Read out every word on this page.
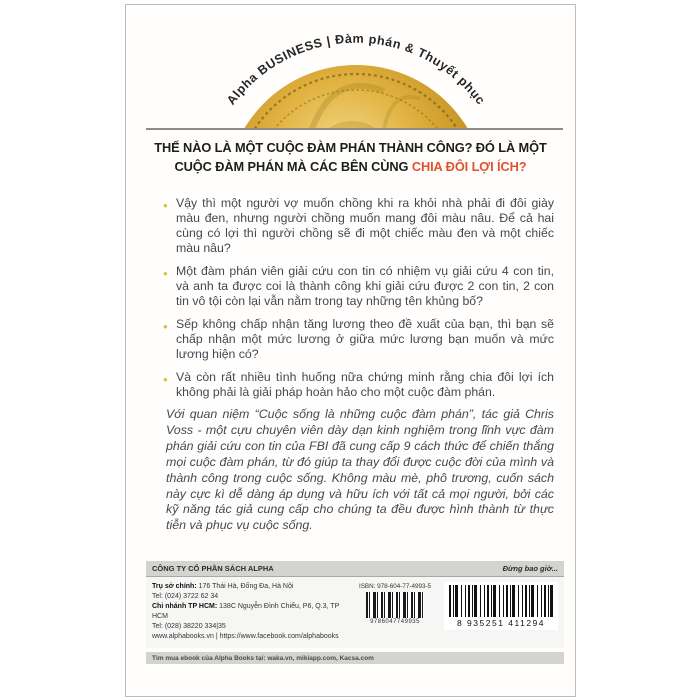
Alpha BUSINESS | Đàm phán & Thuyết phục
THẾ NÀO LÀ MỘT CUỘC ĐÀM PHÁN THÀNH CÔNG? ĐÓ LÀ MỘT
CUỘC ĐÀM PHÁN MÀ CÁC BÊN CÙNG CHIA ĐÔI LỢI ÍCH?
● Vậy thì một người vợ muốn chồng khi ra khỏi nhà phải đi đôi giày màu đen, nhưng người chồng muốn mang đôi màu nâu. Để cả hai cùng có lợi thì người chồng sẽ đi một chiếc màu đen và một chiếc màu nâu?
● Một đàm phán viên giải cứu con tin có nhiệm vụ giải cứu 4 con tin, và anh ta được coi là thành công khi giải cứu được 2 con tin, 2 con tin vô tội còn lại vẫn nằm trong tay những tên khủng bố?
● Sếp không chấp nhận tăng lương theo đề xuất của bạn, thì bạn sẽ chấp nhận một mức lương ở giữa mức lương bạn muốn và mức lương hiện có?
● Và còn rất nhiều tình huống nữa chứng minh rằng chia đôi lợi ích không phải là giải pháp hoàn hảo cho một cuộc đàm phán.
Với quan niệm “Cuộc sống là những cuộc đàm phán”, tác giả Chris Voss - một cựu chuyên viên dày dạn kinh nghiệm trong lĩnh vực đàm phán giải cứu con tin của FBI đã cung cấp 9 cách thức để chiến thắng mọi cuộc đàm phán, từ đó giúp ta thay đổi được cuộc đời của mình và thành công trong cuộc sống. Không màu mè, phô trương, cuốn sách này cực kì dễ dàng áp dụng và hữu ích với tất cả mọi người, bởi các kỹ năng tác giả cung cấp cho chúng ta đều được hình thành từ thực tiễn và phục vụ cuộc sống.
CÔNG TY CỔ PHẦN SÁCH ALPHA	Đừng bao giờ...
Trụ sở chính: 176 Thái Hà, Đống Đa, Hà Nội
Tel: (024) 3722 62 34
Chi nhánh TP HCM: 138C Nguyễn Đình Chiểu, P6, Q.3, TP HCM
Tel: (028) 38220 334|35
www.alphabooks.vn | https://www.facebook.com/alphabooks
ISBN: 978-604-77-4993-5
9786047749935	8 935251 411294
Tìm mua ebook của Alpha Books tại: waka.vn, mikiapp.com, Kacsa.com
